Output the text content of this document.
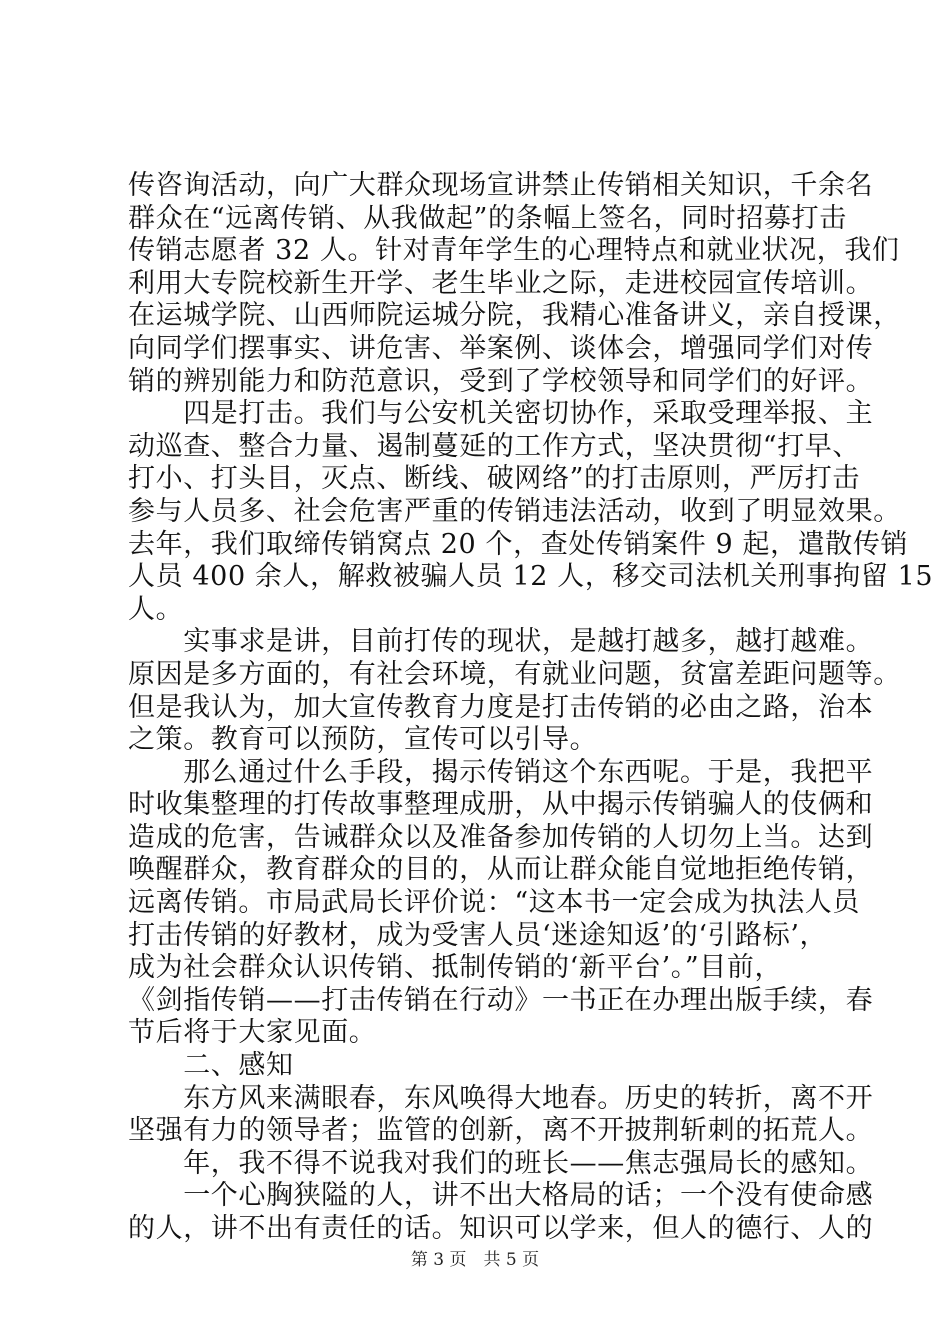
传咨询活动，向广大群众现场宣讲禁止传销相关知识，千余名
群众在“远离传销、从我做起”的条幅上签名，同时招募打击
传销志愿者 32 人。针对青年学生的心理特点和就业状况，我们
利用大专院校新生开学、老生毕业之际，走进校园宣传培训。
在运城学院、山西师院运城分院，我精心准备讲义，亲自授课，
向同学们摆事实、讲危害、举案例、谈体会，增强同学们对传
销的辨别能力和防范意识，受到了学校领导和同学们的好评。
　　四是打击。我们与公安机关密切协作，采取受理举报、主
动巡查、整合力量、遏制蔓延的工作方式，坚决贯彻“打早、
打小、打头目，灭点、断线、破网络”的打击原则，严厉打击
参与人员多、社会危害严重的传销违法活动，收到了明显效果。
去年，我们取缔传销窝点 20 个，查处传销案件 9 起，遣散传销
人员 400 余人，解救被骗人员 12 人，移交司法机关刑事拘留 15
人。
　　实事求是讲，目前打传的现状，是越打越多，越打越难。
原因是多方面的，有社会环境，有就业问题，贫富差距问题等。
但是我认为，加大宣传教育力度是打击传销的必由之路，治本
之策。教育可以预防，宣传可以引导。
　　那么通过什么手段，揭示传销这个东西呢。于是，我把平
时收集整理的打传故事整理成册，从中揭示传销骗人的伎俩和
造成的危害，告诫群众以及准备参加传销的人切勿上当。达到
唤醒群众，教育群众的目的，从而让群众能自觉地拒绝传销，
远离传销。市局武局长评价说：“这本书一定会成为执法人员
打击传销的好教材，成为受害人员‘迷途知返’的‘引路标’，
成为社会群众认识传销、抵制传销的‘新平台’。”目前，
《剑指传销——打击传销在行动》一书正在办理出版手续，春
节后将于大家见面。
　　二、感知
　　东方风来满眼春，东风唤得大地春。历史的转折，离不开
坚强有力的领导者；监管的创新，离不开披荆斩刺的拓荒人。
　　年，我不得不说我对我们的班长——焦志强局长的感知。
　　一个心胸狭隘的人，讲不出大格局的话；一个没有使命感
的人，讲不出有责任的话。知识可以学来，但人的德行、人的
第 3 页　共 5 页
